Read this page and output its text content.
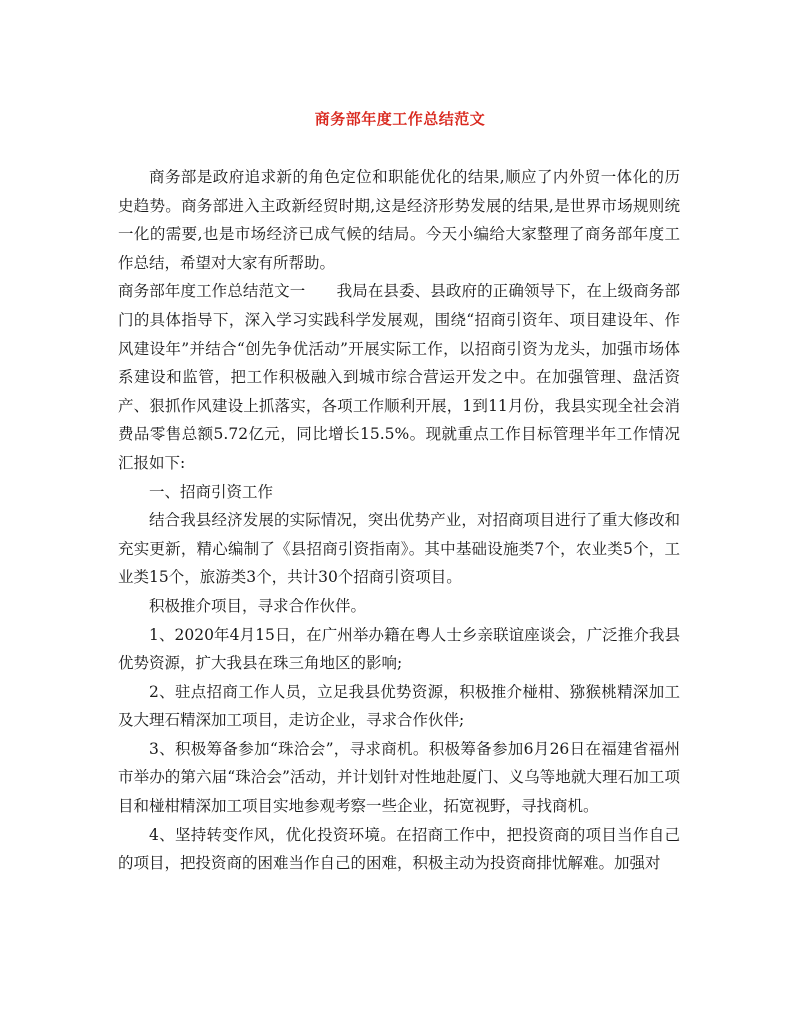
商务部年度工作总结范文

商务部是政府追求新的角色定位和职能优化的结果,顺应了内外贸一体化的历史趋势。商务部进入主政新经贸时期,这是经济形势发展的结果,是世界市场规则统一化的需要,也是市场经济已成气候的结局。今天小编给大家整理了商务部年度工作总结，希望对大家有所帮助。

商务部年度工作总结范文一　　我局在县委、县政府的正确领导下，在上级商务部门的具体指导下，深入学习实践科学发展观，围绕“招商引资年、项目建设年、作风建设年”并结合“创先争优活动”开展实际工作，以招商引资为龙头，加强市场体系建设和监管，把工作积极融入到城市综合营运开发之中。在加强管理、盘活资产、狠抓作风建设上抓落实，各项工作顺利开展，1到11月份，我县实现全社会消费品零售总额5.72亿元，同比增长15.5%。现就重点工作目标管理半年工作情况汇报如下:

一、招商引资工作

结合我县经济发展的实际情况，突出优势产业，对招商项目进行了重大修改和充实更新，精心编制了《县招商引资指南》。其中基础设施类7个，农业类5个，工业类15个，旅游类3个，共计30个招商引资项目。

积极推介项目，寻求合作伙伴。

1、2020年4月15日，在广州举办籍在粤人士乡亲联谊座谈会，广泛推介我县优势资源，扩大我县在珠三角地区的影响;

2、驻点招商工作人员，立足我县优势资源，积极推介椪柑、猕猴桃精深加工及大理石精深加工项目，走访企业，寻求合作伙伴;

3、积极筹备参加“珠洽会”，寻求商机。积极筹备参加6月26日在福建省福州市举办的第六届“珠洽会”活动，并计划针对性地赴厦门、义乌等地就大理石加工项目和椪柑精深加工项目实地参观考察一些企业，拓宽视野，寻找商机。

4、坚持转变作风，优化投资环境。在招商工作中，把投资商的项目当作自己的项目，把投资商的困难当作自己的困难，积极主动为投资商排忧解难。加强对
